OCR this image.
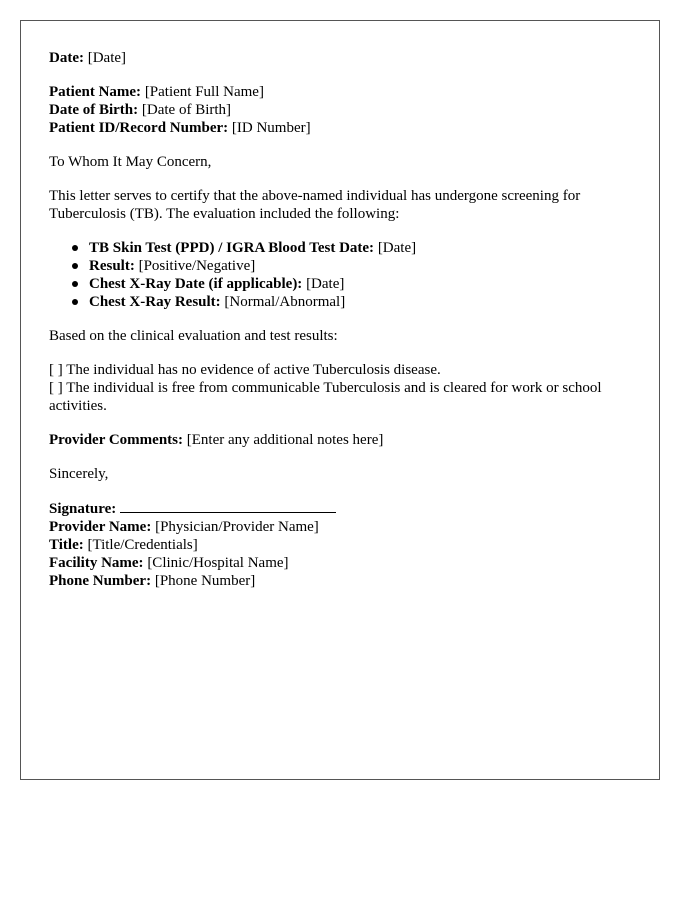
Date: [Date]

Patient Name: [Patient Full Name]

Date of Birth: [Date of Birth]

Patient ID/Record Number: [ID Number]

To Whom It May Concern,

This letter serves to certify that the above-named individual has undergone screening for Tuberculosis (TB). The evaluation included the following:

TB Skin Test (PPD) / IGRA Blood Test Date: [Date]
Result: [Positive/Negative]
Chest X-Ray Date (if applicable): [Date]
Chest X-Ray Result: [Normal/Abnormal]

Based on the clinical evaluation and test results:

[ ] The individual has no evidence of active Tuberculosis disease.

[ ] The individual is free from communicable Tuberculosis and is cleared for work or school activities.

Provider Comments: [Enter any additional notes here]

Sincerely,

Signature:

Provider Name: [Physician/Provider Name]

Title: [Title/Credentials]

Facility Name: [Clinic/Hospital Name]

Phone Number: [Phone Number]
